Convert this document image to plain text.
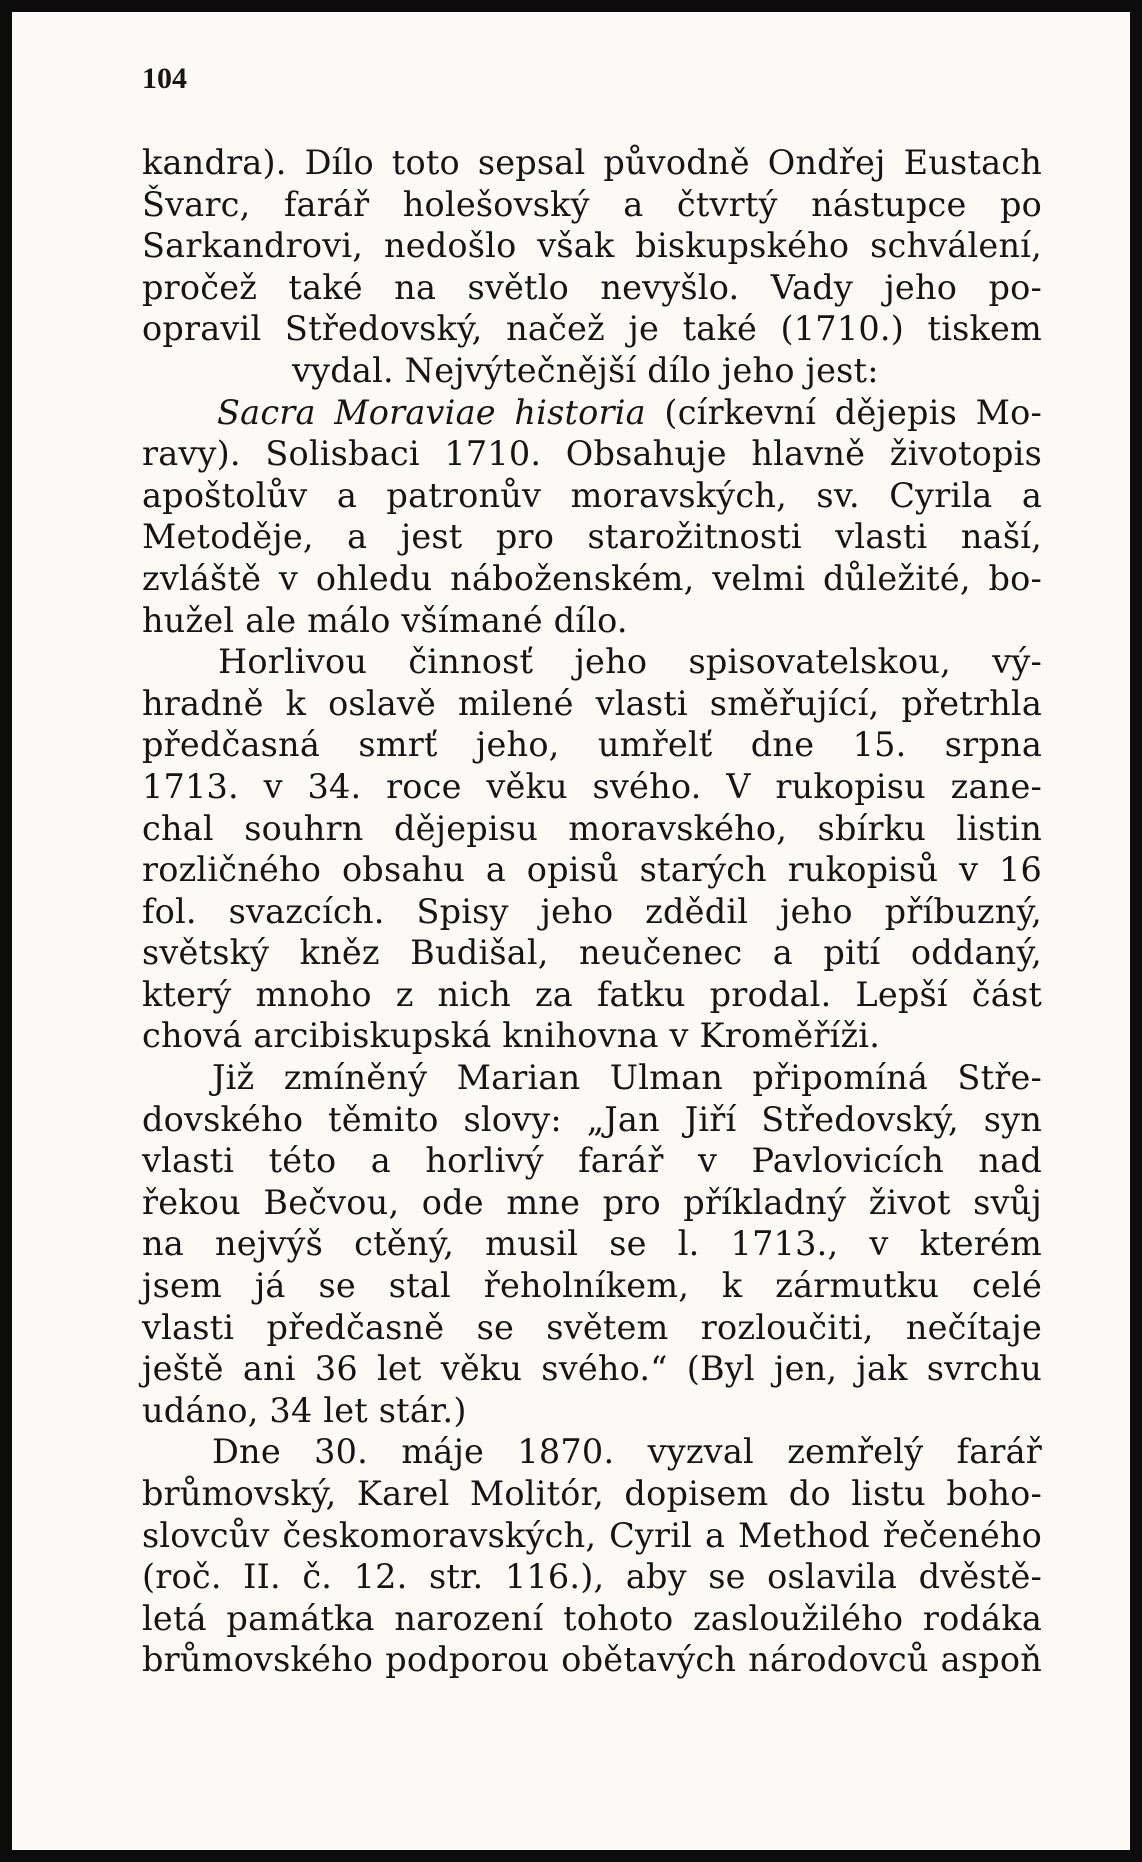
104
kandra). Dílo toto sepsal původně Ondřej Eustach
Švarc, farář holešovský a čtvrtý nástupce po
Sarkandrovi, nedošlo však biskupského schválení,
pročež také na světlo nevyšlo. Vady jeho po-
opravil Středovský, načež je také (1710.) tiskem
vydal. Nejvýtečnější dílo jeho jest:
Sacra Moraviae historia (církevní dějepis Mo-
ravy). Solisbaci 1710. Obsahuje hlavně životopis
apoštolův a patronův moravských, sv. Cyrila a
Metoděje, a jest pro starožitnosti vlasti naší,
zvláště v ohledu náboženském, velmi důležité, bo-
hužel ale málo všímané dílo.
Horlivou činnosť jeho spisovatelskou, vý-
hradně k oslavě milené vlasti směřující, přetrhla
předčasná smrť jeho, umřelť dne 15. srpna
1713. v 34. roce věku svého. V rukopisu zane-
chal souhrn dějepisu moravského, sbírku listin
rozličného obsahu a opisů starých rukopisů v 16
fol. svazcích. Spisy jeho zdědil jeho příbuzný,
světský kněz Budišal, neučenec a pití oddaný,
který mnoho z nich za fatku prodal. Lepší část
chová arcibiskupská knihovna v Kroměříži.
Již zmíněný Marian Ulman připomíná Stře-
dovského těmito slovy: „Jan Jiří Středovský, syn
vlasti této a horlivý farář v Pavlovicích nad
řekou Bečvou, ode mne pro příkladný život svůj
na nejvýš ctěný, musil se l. 1713., v kterém
jsem já se stal řeholníkem, k zármutku celé
vlasti předčasně se světem rozloučiti, nečítaje
ještě ani 36 let věku svého.“ (Byl jen, jak svrchu
udáno, 34 let stár.)
Dne 30. máje 1870. vyzval zemřelý farář
brůmovský, Karel Molitór, dopisem do listu boho-
slovcův českomoravských, Cyril a Method řečeného
(roč. II. č. 12. str. 116.), aby se oslavila dvěstě-
letá památka narození tohoto zasloužilého rodáka
brůmovského podporou obětavých národovců aspoň
